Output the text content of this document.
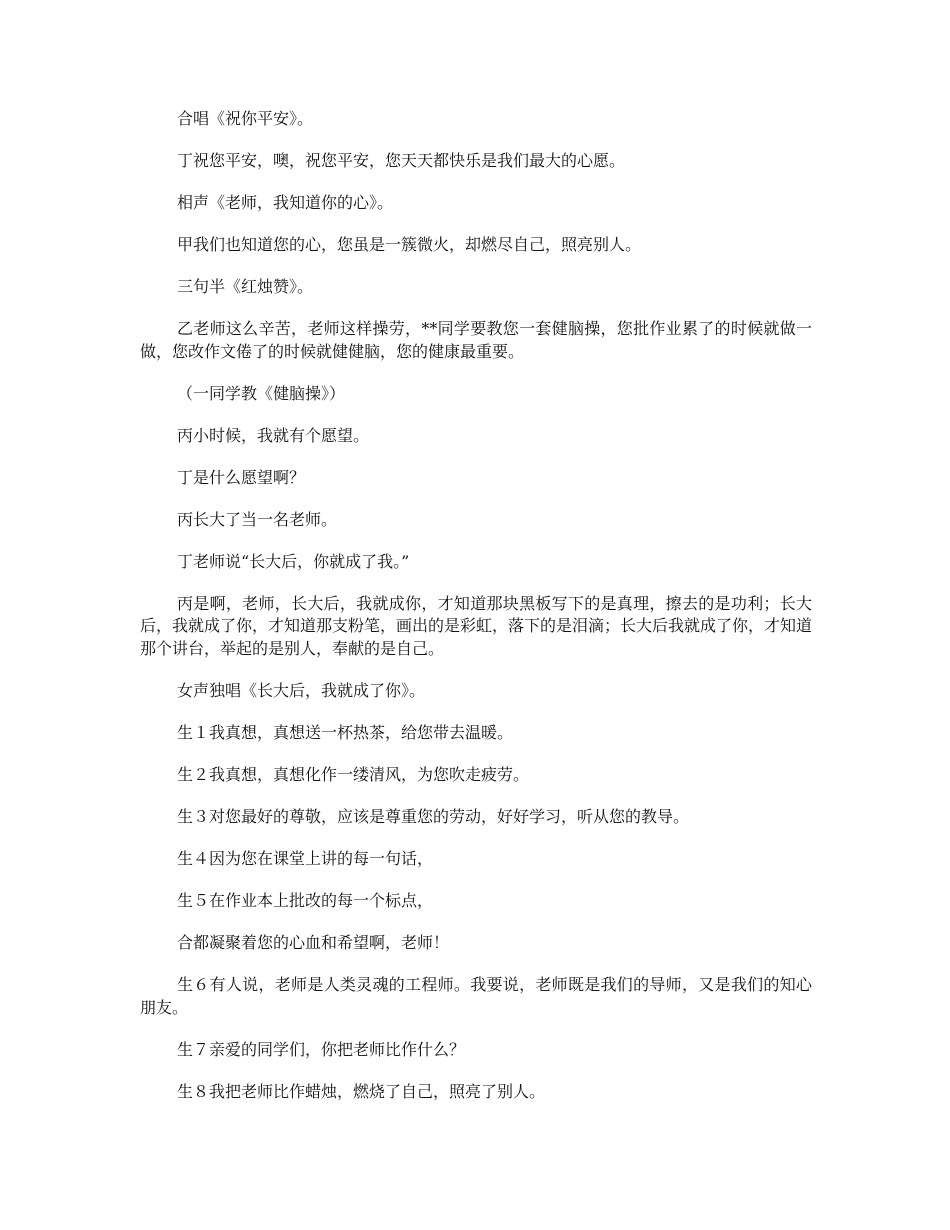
合唱《祝你平安》。

丁祝您平安，噢，祝您平安，您天天都快乐是我们最大的心愿。

相声《老师，我知道你的心》。

甲我们也知道您的心，您虽是一簇微火，却燃尽自己，照亮别人。

三句半《红烛赞》。

乙老师这么辛苦，老师这样操劳，**同学要教您一套健脑操，您批作业累了的时候就做一做，您改作文倦了的时候就健健脑，您的健康最重要。

（一同学教《健脑操》）

丙小时候，我就有个愿望。

丁是什么愿望啊？

丙长大了当一名老师。

丁老师说“长大后，你就成了我。”

丙是啊，老师，长大后，我就成你，才知道那块黑板写下的是真理，擦去的是功利；长大后，我就成了你，才知道那支粉笔，画出的是彩虹，落下的是泪滴；长大后我就成了你，才知道那个讲台，举起的是别人，奉献的是自己。

女声独唱《长大后，我就成了你》。

生１我真想，真想送一杯热茶，给您带去温暖。

生２我真想，真想化作一缕清风，为您吹走疲劳。

生３对您最好的尊敬，应该是尊重您的劳动，好好学习，听从您的教导。

生４因为您在课堂上讲的每一句话，

生５在作业本上批改的每一个标点，

合都凝聚着您的心血和希望啊，老师！

生６有人说，老师是人类灵魂的工程师。我要说，老师既是我们的导师，又是我们的知心朋友。

生７亲爱的同学们，你把老师比作什么？

生８我把老师比作蜡烛，燃烧了自己，照亮了别人。
